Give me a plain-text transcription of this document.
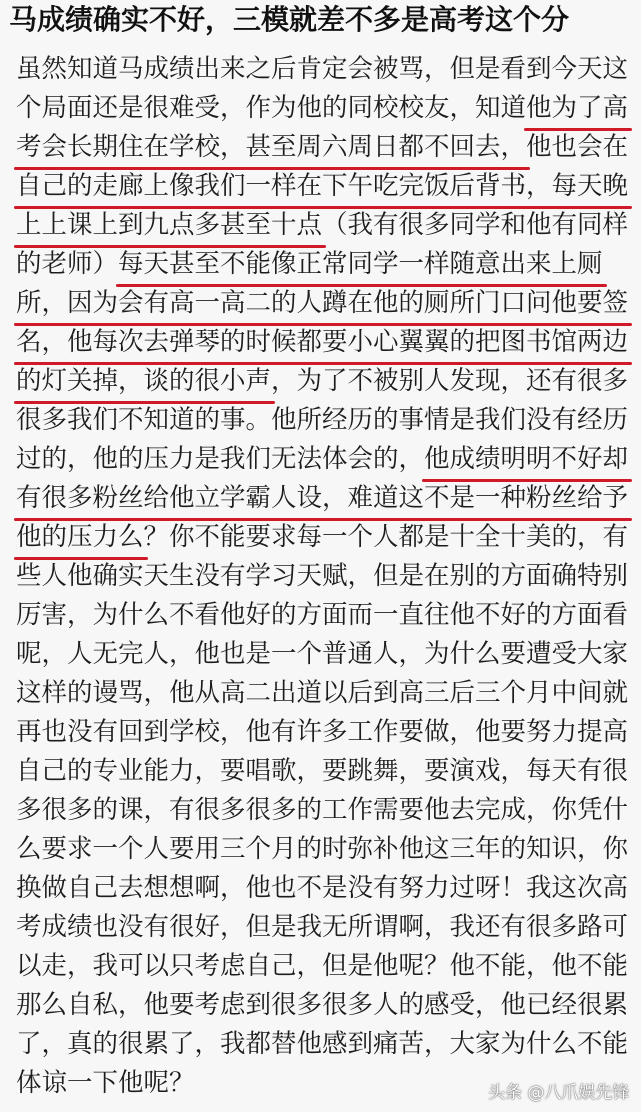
马成绩确实不好，三模就差不多是高考这个分
虽然知道马成绩出来之后肯定会被骂，但是看到今天这
个局面还是很难受，作为他的同校校友，知道他为了高
考会长期住在学校，甚至周六周日都不回去，他也会在
自己的走廊上像我们一样在下午吃完饭后背书，每天晚
上上课上到九点多甚至十点（我有很多同学和他有同样
的老师）每天甚至不能像正常同学一样随意出来上厕
所，因为会有高一高二的人蹲在他的厕所门口问他要签
名，他每次去弹琴的时候都要小心翼翼的把图书馆两边
的灯关掉，谈的很小声，为了不被别人发现，还有很多
很多我们不知道的事。他所经历的事情是我们没有经历
过的，他的压力是我们无法体会的，他成绩明明不好却
有很多粉丝给他立学霸人设，难道这不是一种粉丝给予
他的压力么？你不能要求每一个人都是十全十美的，有
些人他确实天生没有学习天赋，但是在别的方面确特别
厉害，为什么不看他好的方面而一直往他不好的方面看
呢，人无完人，他也是一个普通人，为什么要遭受大家
这样的谩骂，他从高二出道以后到高三后三个月中间就
再也没有回到学校，他有许多工作要做，他要努力提高
自己的专业能力，要唱歌，要跳舞，要演戏，每天有很
多很多的课，有很多很多的工作需要他去完成，你凭什
么要求一个人要用三个月的时弥补他这三年的知识，你
换做自己去想想啊，他也不是没有努力过呀！我这次高
考成绩也没有很好，但是我无所谓啊，我还有很多路可
以走，我可以只考虑自己，但是他呢？他不能，他不能
那么自私，他要考虑到很多很多人的感受，他已经很累
了，真的很累了，我都替他感到痛苦，大家为什么不能
体谅一下他呢？	头条 @八爪娱先锋
